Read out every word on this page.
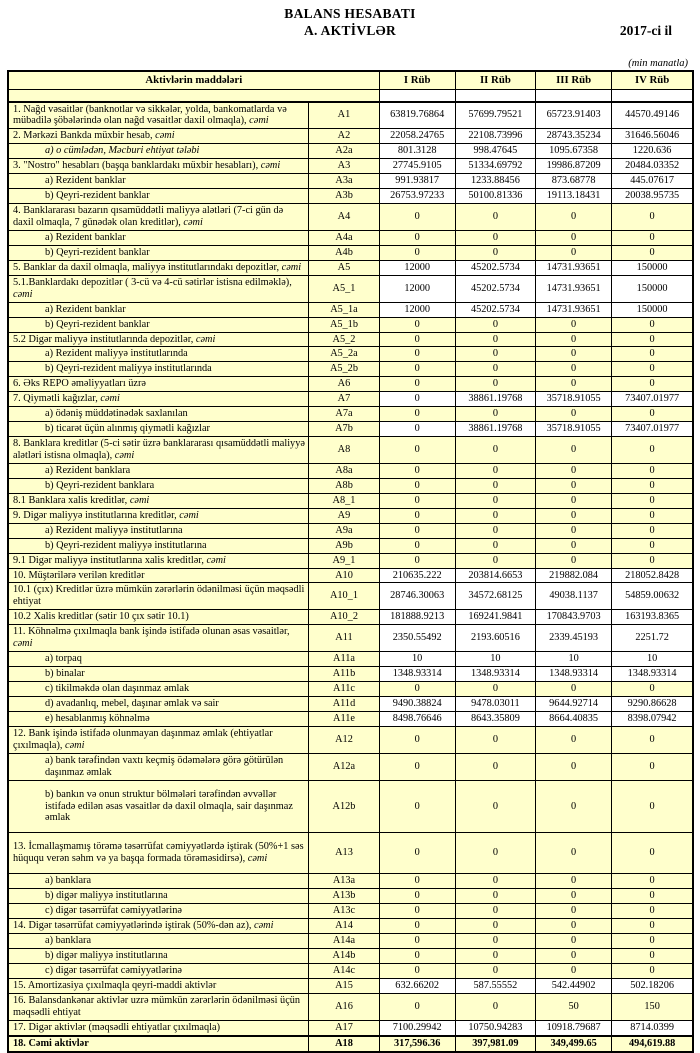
BALANS HESABATI
A. AKTİVLƏR	2017-ci il
(min manatla)
Aktivlərin maddələri		I Rüb	II Rüb	III Rüb	IV Rüb

1. Nağd vəsaitlər (banknotlar və sikkələr, yolda, bankomatlarda və mübadilə şöbələrində olan nağd vəsaitlər daxil olmaqla), cəmi	A1	63819.76864	57699.79521	65723.91403	44570.49146
2. Mərkəzi Bankda müxbir hesab, cəmi	A2	22058.24765	22108.73996	28743.35234	31646.56046
a) o cümlədən, Məcburi ehtiyat tələbi	A2a	801.3128	998.47645	1095.67358	1220.636
3. "Nostro" hesabları (başqa banklardakı müxbir hesabları), cəmi	A3	27745.9105	51334.69792	19986.87209	20484.03352
a) Rezident banklar	A3a	991.93817	1233.88456	873.68778	445.07617
b) Qeyri-rezident banklar	A3b	26753.97233	50100.81336	19113.18431	20038.95735
4. Banklararası bazarın qısamüddətli maliyyə alətləri (7-ci gün də daxil olmaqla, 7 günədək olan kreditlər), cəmi	A4	0	0	0	0
a) Rezident banklar	A4a	0	0	0	0
b) Qeyri-rezident banklar	A4b	0	0	0	0
5. Banklar da daxil olmaqla, maliyyə institutlarındakı depozitlər, cəmi	A5	12000	45202.5734	14731.93651	150000
5.1.Banklardakı depozitlər ( 3-cü və 4-cü sətirlər istisna edilməklə), cəmi	A5_1	12000	45202.5734	14731.93651	150000
a) Rezident banklar	A5_1a	12000	45202.5734	14731.93651	150000
b) Qeyri-rezident banklar	A5_1b	0	0	0	0
5.2 Digər maliyyə institutlarında depozitlər, cəmi	A5_2	0	0	0	0
a) Rezident maliyyə institutlarında	A5_2a	0	0	0	0
b) Qeyri-rezident maliyyə institutlarında	A5_2b	0	0	0	0
6. Əks REPO əməliyyatları üzrə	A6	0	0	0	0
7. Qiymətli kağızlar, cəmi	A7	0	38861.19768	35718.91055	73407.01977
a) ödəniş müddətinədək saxlanılan	A7a	0	0	0	0
b) ticarət üçün alınmış qiymətli kağızlar	A7b	0	38861.19768	35718.91055	73407.01977
8. Banklara kreditlər (5-ci sətir üzrə banklararası qısamüddətli maliyyə alətləri istisna olmaqla), cəmi	A8	0	0	0	0
a) Rezident banklara	A8a	0	0	0	0
b) Qeyri-rezident banklara	A8b	0	0	0	0
8.1 Banklara xalis kreditlər, cəmi	A8_1	0	0	0	0
9. Digər maliyyə institutlarına kreditlər, cəmi	A9	0	0	0	0
a) Rezident maliyyə institutlarına	A9a	0	0	0	0
b) Qeyri-rezident maliyyə institutlarına	A9b	0	0	0	0
9.1 Digər maliyyə institutlarına xalis kreditlər, cəmi	A9_1	0	0	0	0
10. Müştərilərə verilən kreditlər	A10	210635.222	203814.6653	219882.084	218052.8428
10.1 (çıx) Kreditlər üzrə mümkün zərərlərin ödənilməsi üçün məqsədli ehtiyat	A10_1	28746.30063	34572.68125	49038.1137	54859.00632
10.2 Xalis kreditlər (sətir 10 çıx sətir 10.1)	A10_2	181888.9213	169241.9841	170843.9703	163193.8365
11. Köhnəlmə çıxılmaqla bank işində istifadə olunan əsas vəsaitlər, cəmi	A11	2350.55492	2193.60516	2339.45193	2251.72
a) torpaq	A11a	10	10	10	10
b) binalar	A11b	1348.93314	1348.93314	1348.93314	1348.93314
c) tikilməkdə olan daşınmaz əmlak	A11c	0	0	0	0
d) avadanlıq, mebel, daşınar əmlak və sair	A11d	9490.38824	9478.03011	9644.92714	9290.86628
e) hesablanmış köhnəlmə	A11e	8498.76646	8643.35809	8664.40835	8398.07942
12. Bank işində istifadə olunmayan daşınmaz əmlak (ehtiyatlar çıxılmaqla), cəmi	A12	0	0	0	0
a) bank tərəfindən vaxtı keçmiş ödəmələrə görə götürülən daşınmaz əmlak	A12a	0	0	0	0
b) bankın və onun struktur bölmələri tərəfindən əvvəllər istifadə edilən əsas vəsaitlər də daxil olmaqla, sair daşınmaz əmlak	A12b	0	0	0	0
13. İcmallaşmamış törəmə təsərrüfat cəmiyyətlərdə iştirak (50%+1 səs hüququ verən səhm və ya başqa formada törəməsidirsə), cəmi	A13	0	0	0	0
a) banklara	A13a	0	0	0	0
b) digər maliyyə institutlarına	A13b	0	0	0	0
c) digər təsərrüfat cəmiyyətlərinə	A13c	0	0	0	0
14. Digər təsərrüfat cəmiyyətlərində iştirak (50%-dən az), cəmi	A14	0	0	0	0
a) banklara	A14a	0	0	0	0
b) digər maliyyə institutlarına	A14b	0	0	0	0
c) digər təsərrüfat cəmiyyətlərinə	A14c	0	0	0	0
15. Amortizasiya çıxılmaqla qeyri-maddi aktivlər	A15	632.66202	587.55552	542.44902	502.18206
16. Balansdankənar aktivlər uzrə mümkün zərərlərin ödənilməsi üçün məqsədli ehtiyat	A16	0	0	50	150
17. Digər aktivlər (məqsədli ehtiyatlar çıxılmaqla)	A17	7100.29942	10750.94283	10918.79687	8714.0399
18. Cəmi aktivlər	A18	317,596.36	397,981.09	349,499.65	494,619.88
